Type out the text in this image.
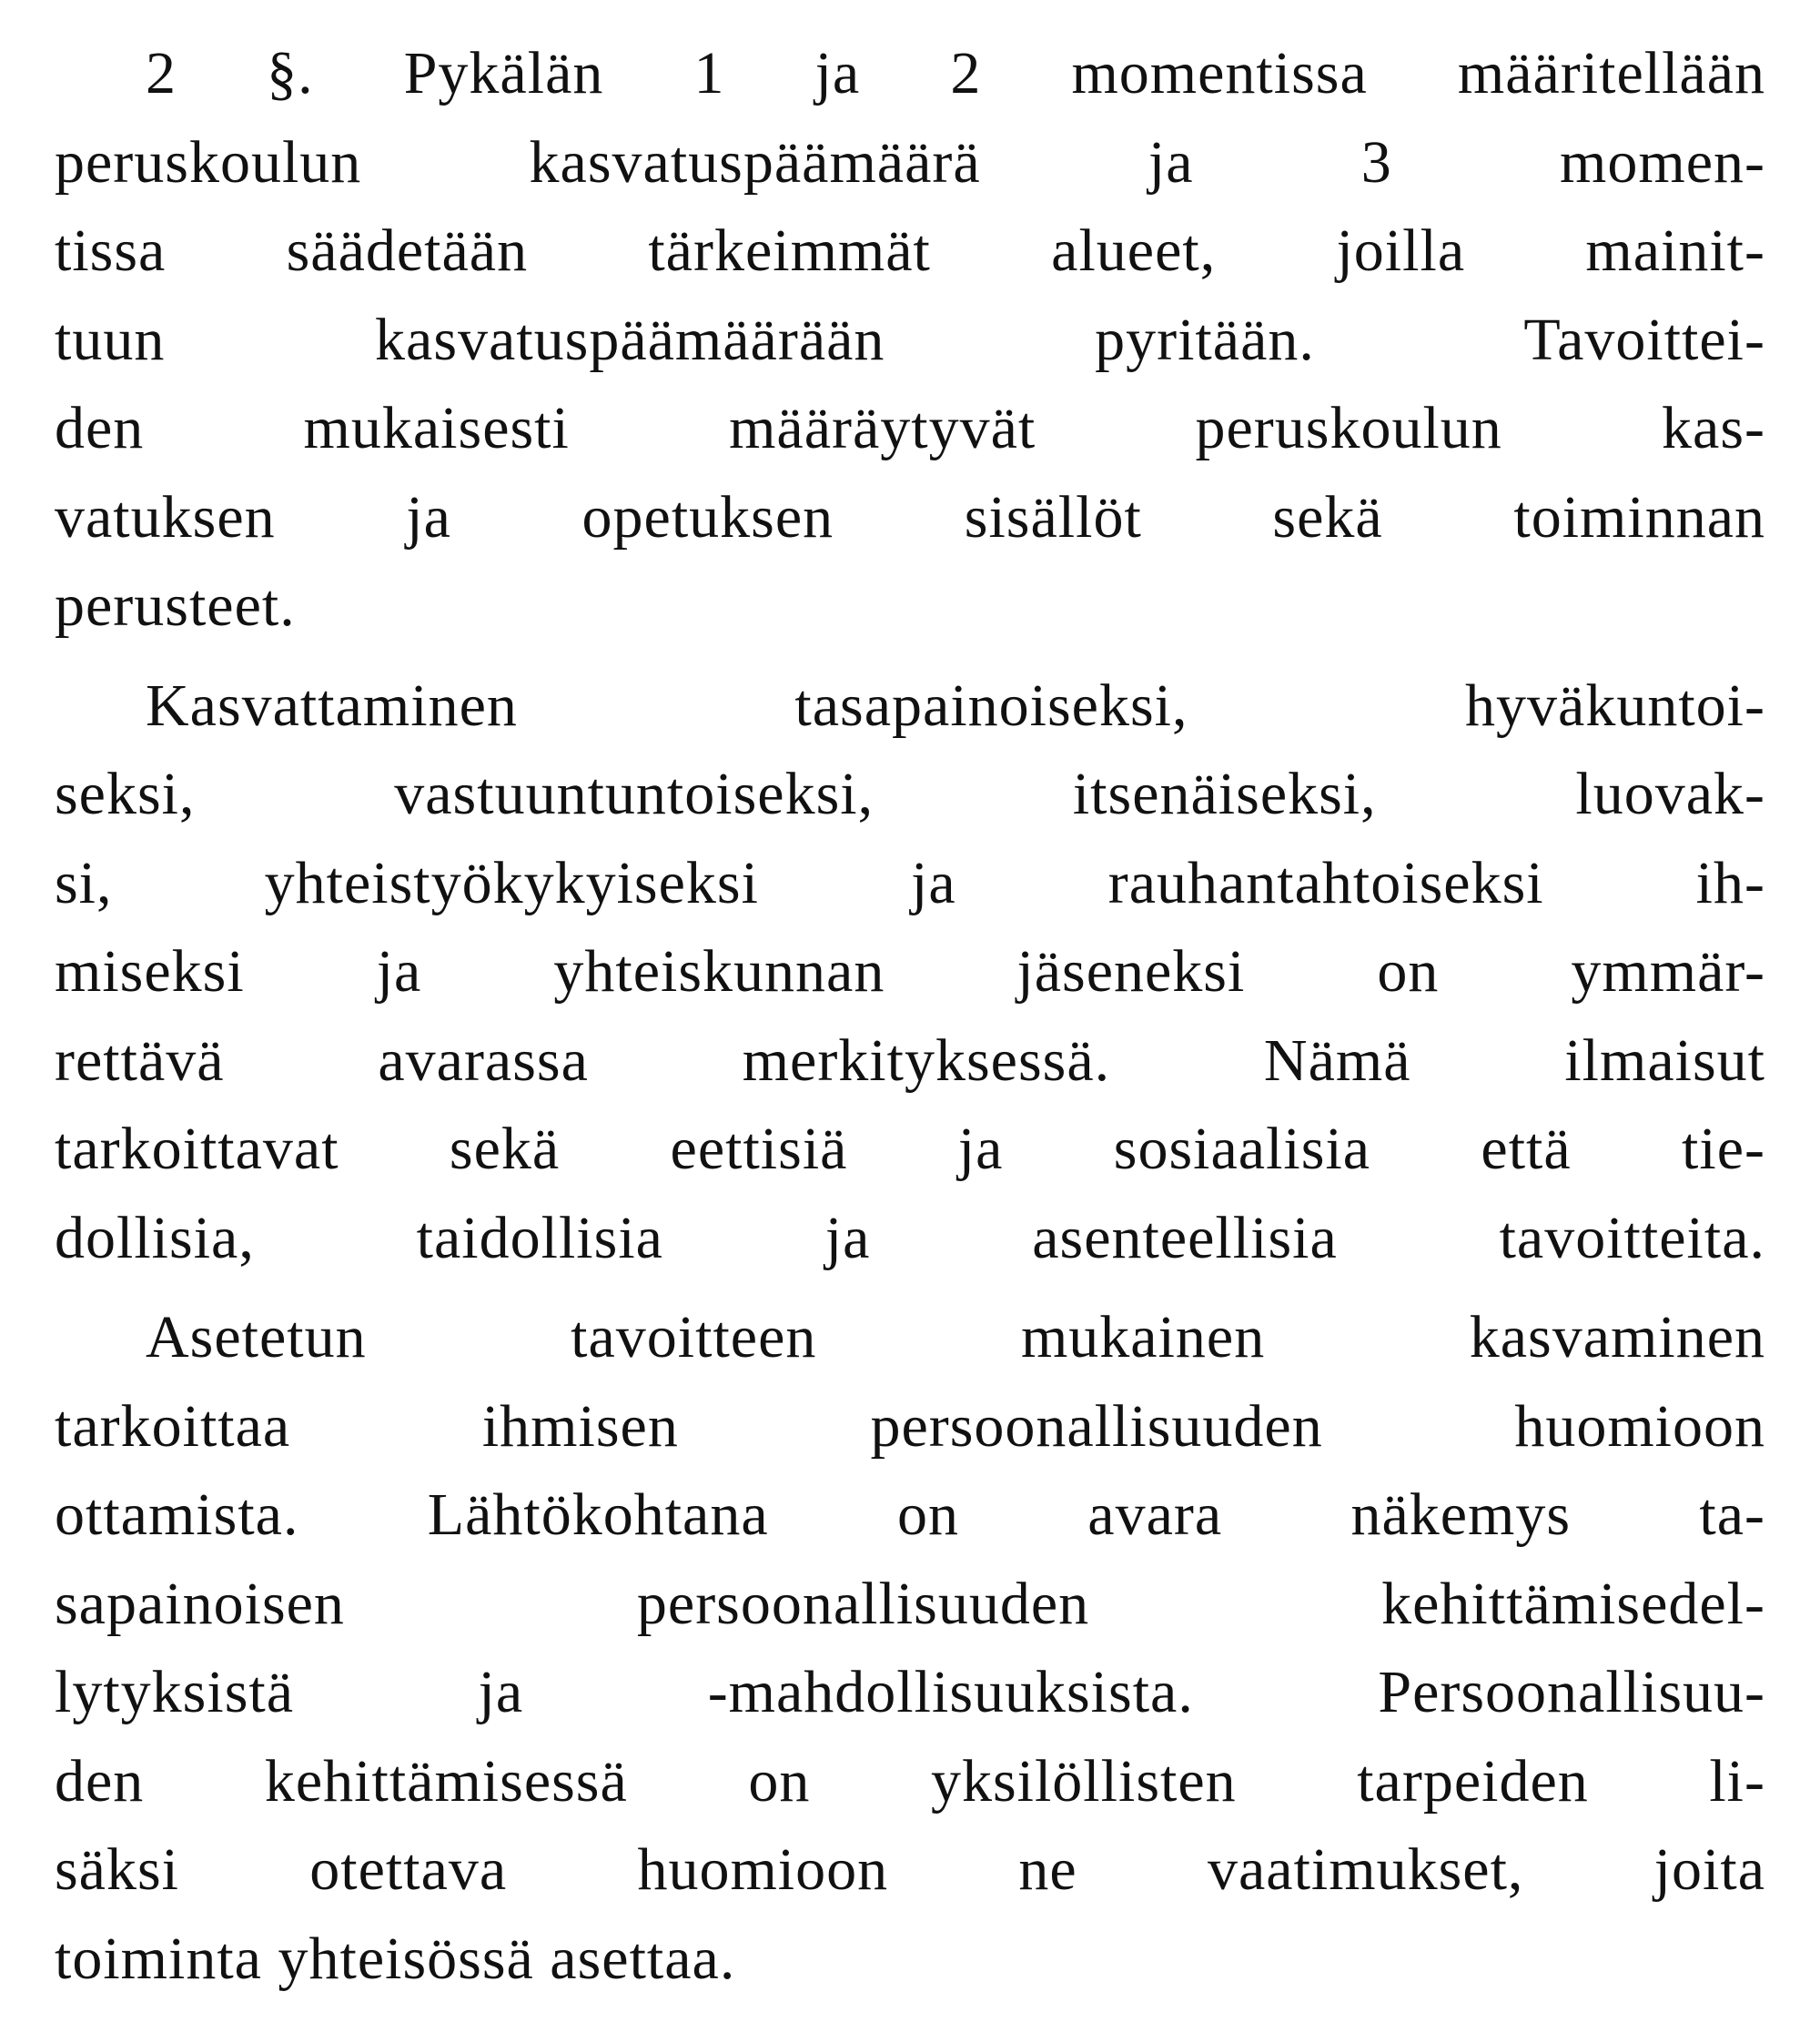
2 §. Pykälän 1 ja 2 momentissa määritellään
peruskoulun kasvatuspäämäärä ja 3 momen-
tissa säädetään tärkeimmät alueet, joilla mainit-
tuun kasvatuspäämäärään pyritään. Tavoittei-
den mukaisesti määräytyvät peruskoulun kas-
vatuksen ja opetuksen sisällöt sekä toiminnan
perusteet.
Kasvattaminen tasapainoiseksi, hyväkuntoi-
seksi, vastuuntuntoiseksi, itsenäiseksi, luovak-
si, yhteistyökykyiseksi ja rauhantahtoiseksi ih-
miseksi ja yhteiskunnan jäseneksi on ymmär-
rettävä avarassa merkityksessä. Nämä ilmaisut
tarkoittavat sekä eettisiä ja sosiaalisia että tie-
dollisia, taidollisia ja asenteellisia tavoitteita.
Asetetun tavoitteen mukainen kasvaminen
tarkoittaa ihmisen persoonallisuuden huomioon
ottamista. Lähtökohtana on avara näkemys ta-
sapainoisen persoonallisuuden kehittämisedel-
lytyksistä ja -mahdollisuuksista. Persoonallisuu-
den kehittämisessä on yksilöllisten tarpeiden li-
säksi otettava huomioon ne vaatimukset, joita
toiminta yhteisössä asettaa.
